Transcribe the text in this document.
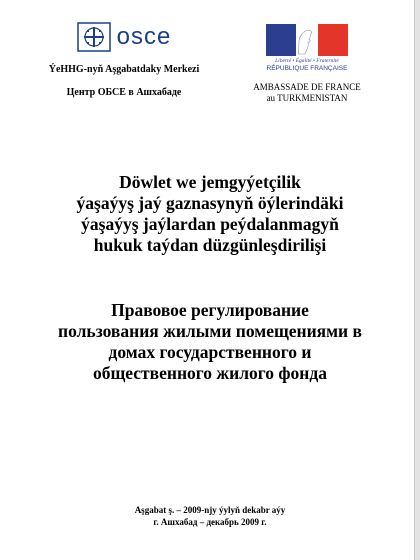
osce
ÝeHHG-nyň Aşgabatdaky Merkezi
Центр ОБСЕ в Ашхабаде
Liberté • Égalité • Fraternité
RÉPUBLIQUE FRANÇAISE
AMBASSADE DE FRANCE
au TURKMENISTAN
Döwlet we jemgyýetçilik
ýaşaýyş jaý gaznasynyň öýlerindäki
ýaşaýyş jaýlardan peýdalanmagyň
hukuk taýdan düzgünleşdirilişi
Правовое регулирование
пользования жилыми помещениями в
домах государственного и
общественного жилого фонда
Aşgabat ş. – 2009-njy ýylyň dekabr aýy
г. Ашхабад – декабрь 2009 г.
